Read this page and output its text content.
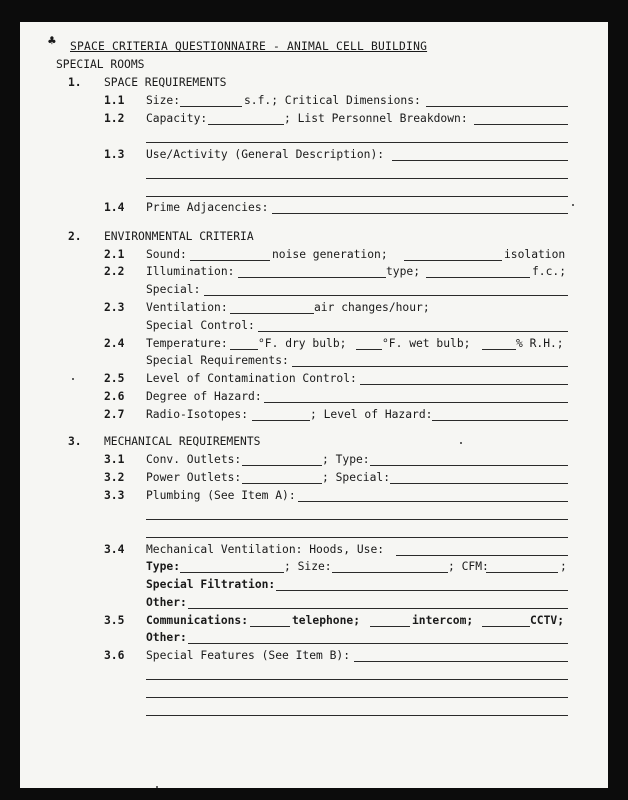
♣ SPACE CRITERIA QUESTIONNAIRE - ANIMAL CELL BUILDING
SPECIAL ROOMS
1. SPACE REQUIREMENTS
1.1 Size:	s.f.; Critical Dimensions:
1.2 Capacity:	; List Personnel Breakdown:
1.3 Use/Activity (General Description):
1.4 Prime Adjacencies:
2. ENVIRONMENTAL CRITERIA
2.1 Sound:	noise generation;	isolation
2.2 Illumination:	type;	f.c.;
Special:
2.3 Ventilation:	air changes/hour;
Special Control:
2.4 Temperature:	°F. dry bulb;	°F. wet bulb;	% R.H.;
Special Requirements:
2.5 Level of Contamination Control:
2.6 Degree of Hazard:
2.7 Radio-Isotopes:	; Level of Hazard:
3. MECHANICAL REQUIREMENTS
3.1 Conv. Outlets:	; Type:
3.2 Power Outlets:	; Special:
3.3 Plumbing (See Item A):
3.4 Mechanical Ventilation: Hoods, Use:
Type:	; Size:	; CFM:	;
Special Filtration:
Other:
3.5 Communications:	telephone;	intercom;	CCTV;
Other:
3.6 Special Features (See Item B):
